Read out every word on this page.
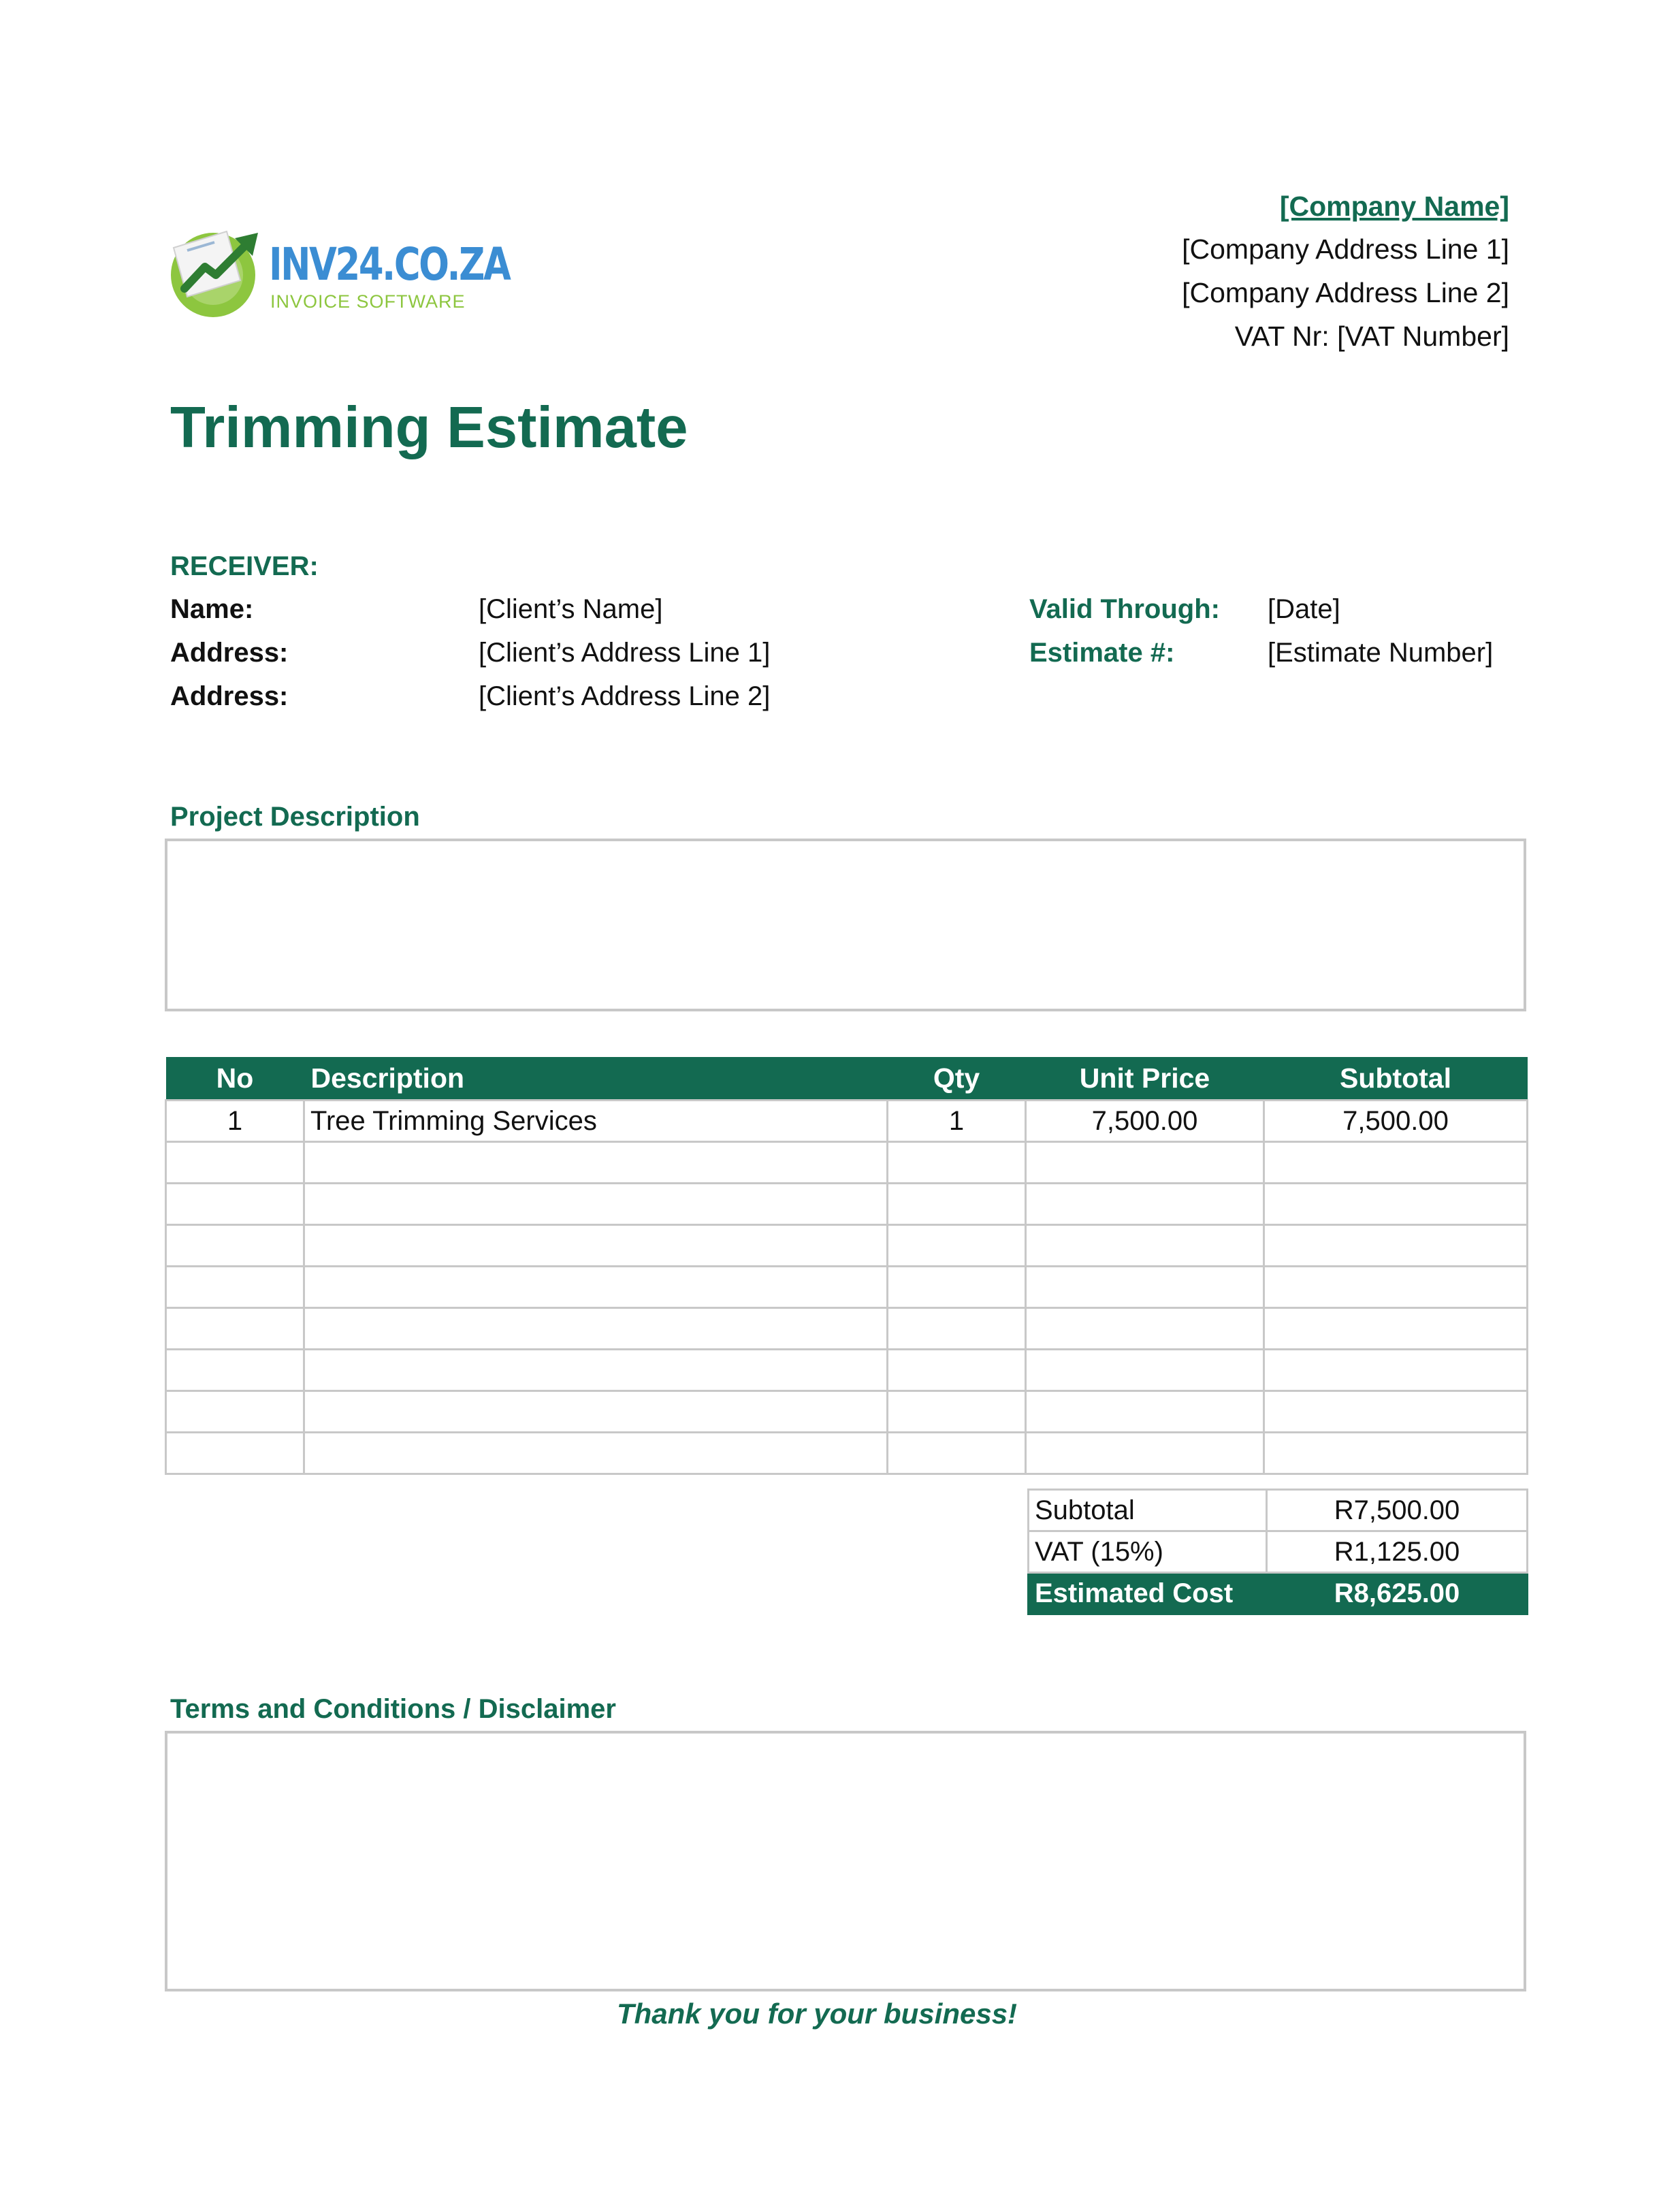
INV24.CO.ZA
INVOICE SOFTWARE
[Company Name]
[Company Address Line 1]
[Company Address Line 2]
VAT Nr: [VAT Number]
Trimming Estimate
RECEIVER:
Name:	[Client’s Name]
Address:	[Client’s Address Line 1]
Address:	[Client’s Address Line 2]
Valid Through: [Date]
Estimate #:	[Estimate Number]
Project Description
No	Description	Qty	Unit Price	Subtotal
1	Tree Trimming Services	1	7,500.00	7,500.00

Subtotal	R7,500.00
VAT (15%)	R1,125.00
Estimated Cost	R8,625.00
Terms and Conditions / Disclaimer
Thank you for your business!
